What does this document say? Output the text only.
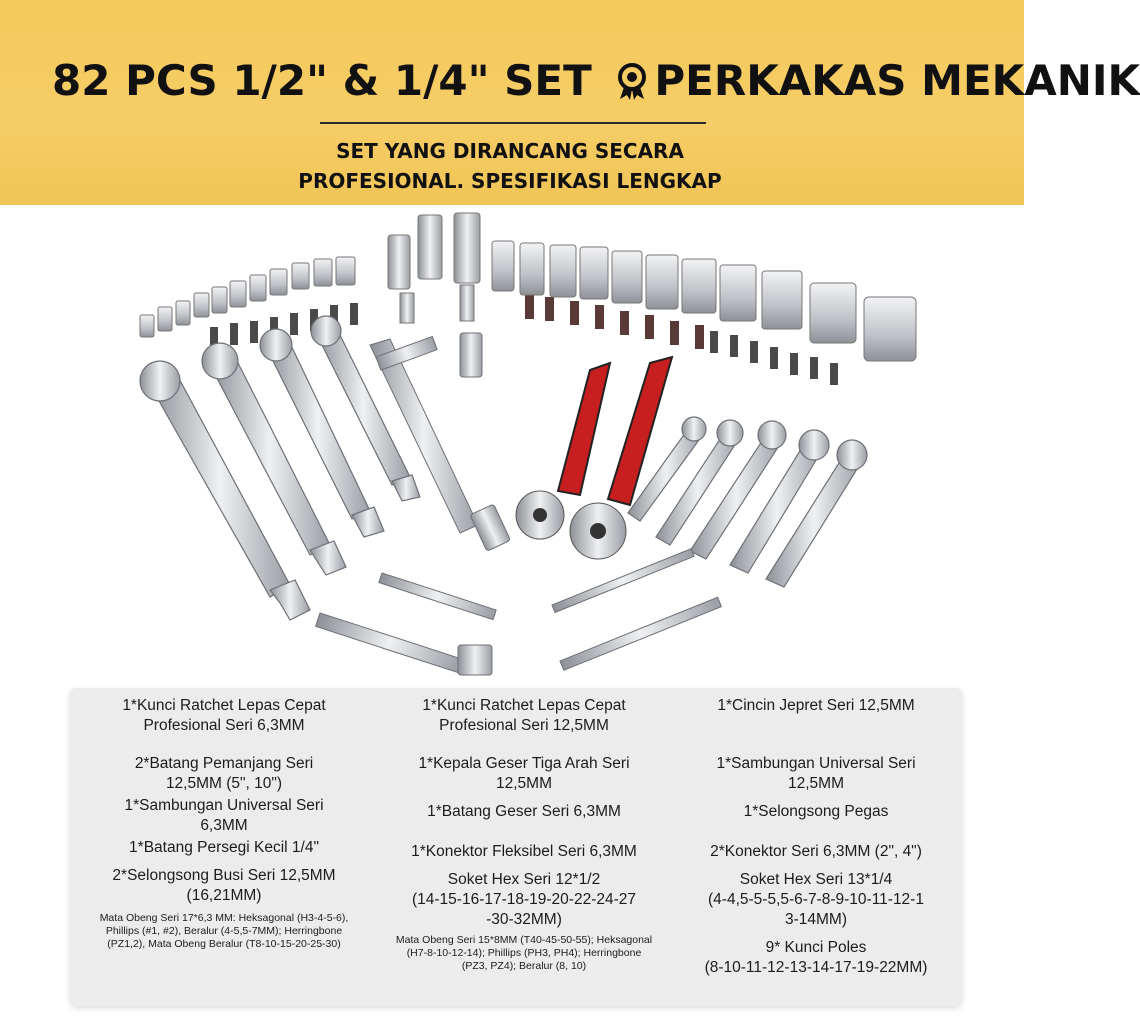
82 PCS 1/2" & 1/4" SET PERKAKAS MEKANIK
SET YANG DIRANCANG SECARA
PROFESIONAL. SPESIFIKASI LENGKAP

1*Kunci Ratchet Lepas Cepat

Profesional Seri 6,3MM

2*Batang Pemanjang Seri

12,5MM (5", 10")

1*Sambungan Universal Seri

6,3MM

1*Batang Persegi Kecil 1/4"

2*Selongsong Busi Seri 12,5MM

(16,21MM)

Mata Obeng Seri 17*6,3 MM: Heksagonal (H3-4-5-6), Phillips (#1, #2), Beralur (4-5,5-7MM); Herringbone (PZ1,2), Mata Obeng Beralur (T8-10-15-20-25-30)

1*Kunci Ratchet Lepas Cepat

Profesional Seri 12,5MM

1*Kepala Geser Tiga Arah Seri

12,5MM

1*Batang Geser Seri 6,3MM

1*Konektor Fleksibel Seri 6,3MM

Soket Hex Seri 12*1/2

(14-15-16-17-18-19-20-22-24-27

-30-32MM)

Mata Obeng Seri 15*8MM (T40-45-50-55); Heksagonal (H7-8-10-12-14); Phillips (PH3, PH4); Herringbone (PZ3, PZ4); Beralur (8, 10)

1*Cincin Jepret Seri 12,5MM

1*Sambungan Universal Seri

12,5MM

1*Selongsong Pegas

2*Konektor Seri 6,3MM (2", 4")

Soket Hex Seri 13*1/4

(4-4,5-5-5,5-6-7-8-9-10-11-12-1

3-14MM)

9* Kunci Poles

(8-10-11-12-13-14-17-19-22MM)
